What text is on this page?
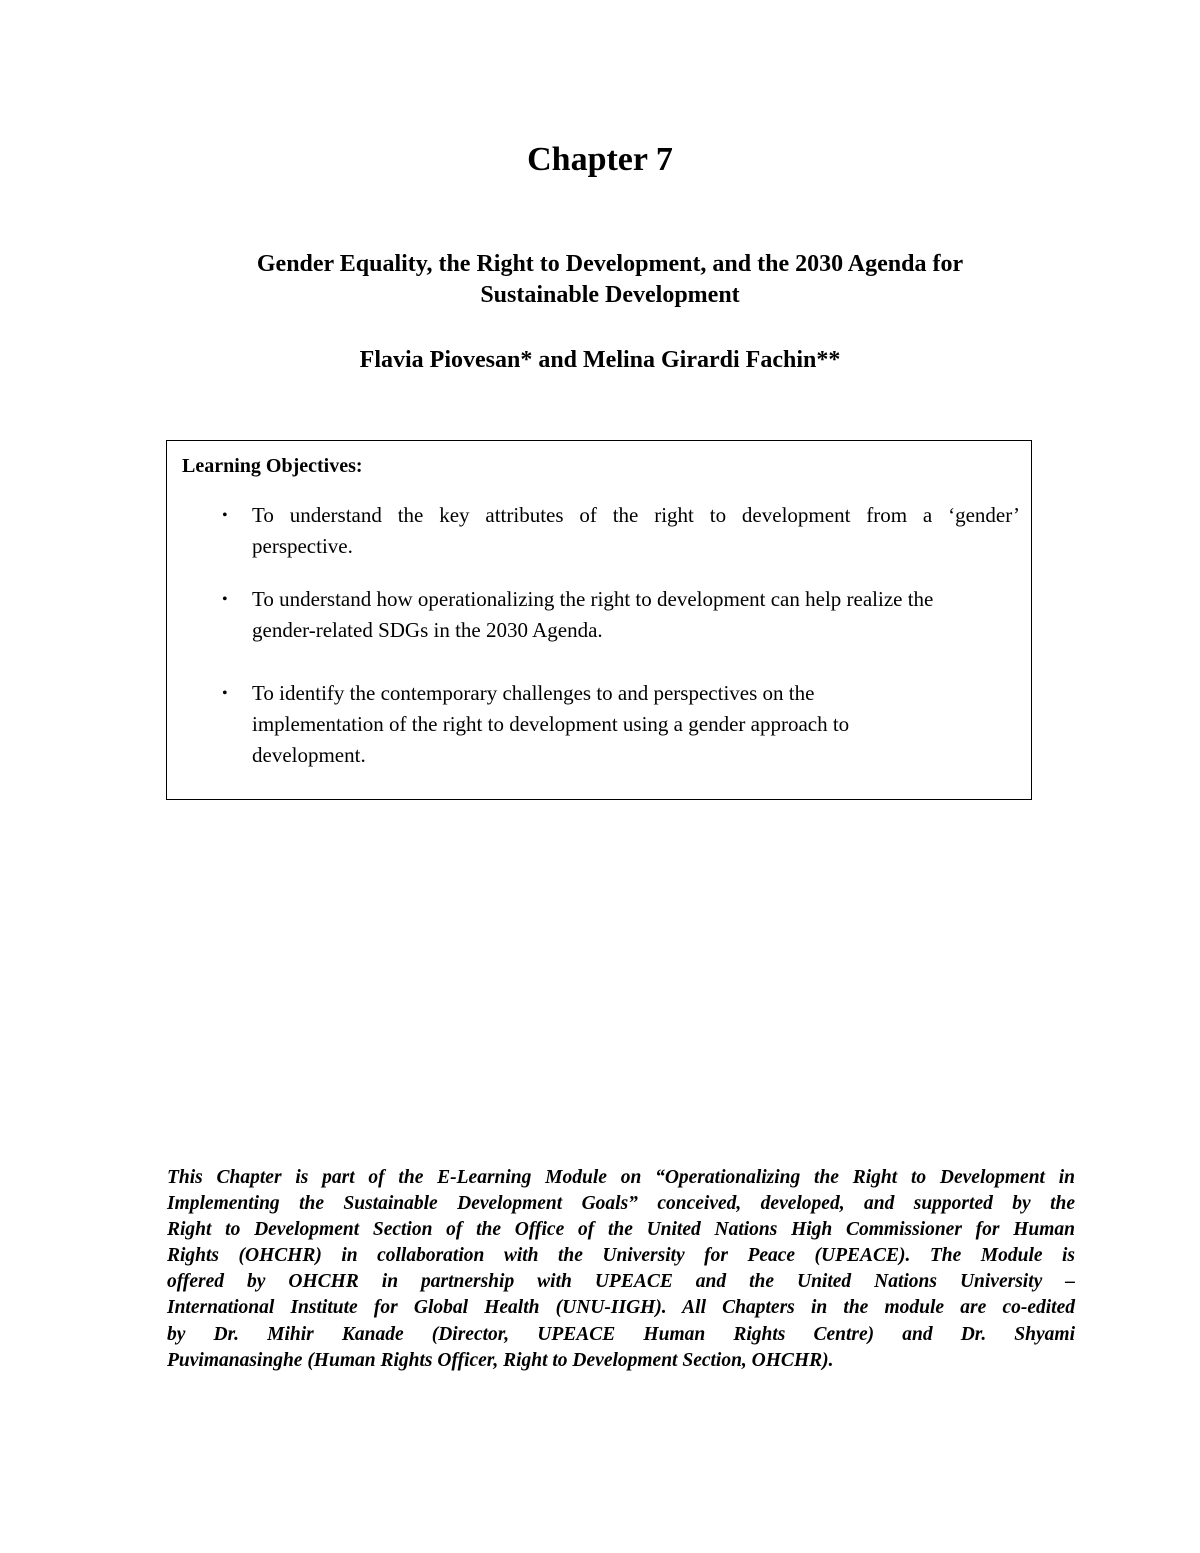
Chapter 7
Gender Equality, the Right to Development, and the 2030 Agenda for
Sustainable Development

Flavia Piovesan* and Melina Girardi Fachin**

Learning Objectives:

• To understand the key attributes of the right to development from a ‘gender’
perspective.
• To understand how operationalizing the right to development can help realize the
gender-related SDGs in the 2030 Agenda.
• To identify the contemporary challenges to and perspectives on the
implementation of the right to development using a gender approach to
development.

This Chapter is part of the E-Learning Module on “Operationalizing the Right to Development in
Implementing the Sustainable Development Goals” conceived, developed, and supported by the
Right to Development Section of the Office of the United Nations High Commissioner for Human
Rights (OHCHR) in collaboration with the University for Peace (UPEACE). The Module is
offered by OHCHR in partnership with UPEACE and the United Nations University –
International Institute for Global Health (UNU-IIGH). All Chapters in the module are co-edited
by Dr. Mihir Kanade (Director, UPEACE Human Rights Centre) and Dr. Shyami
Puvimanasinghe (Human Rights Officer, Right to Development Section, OHCHR).
